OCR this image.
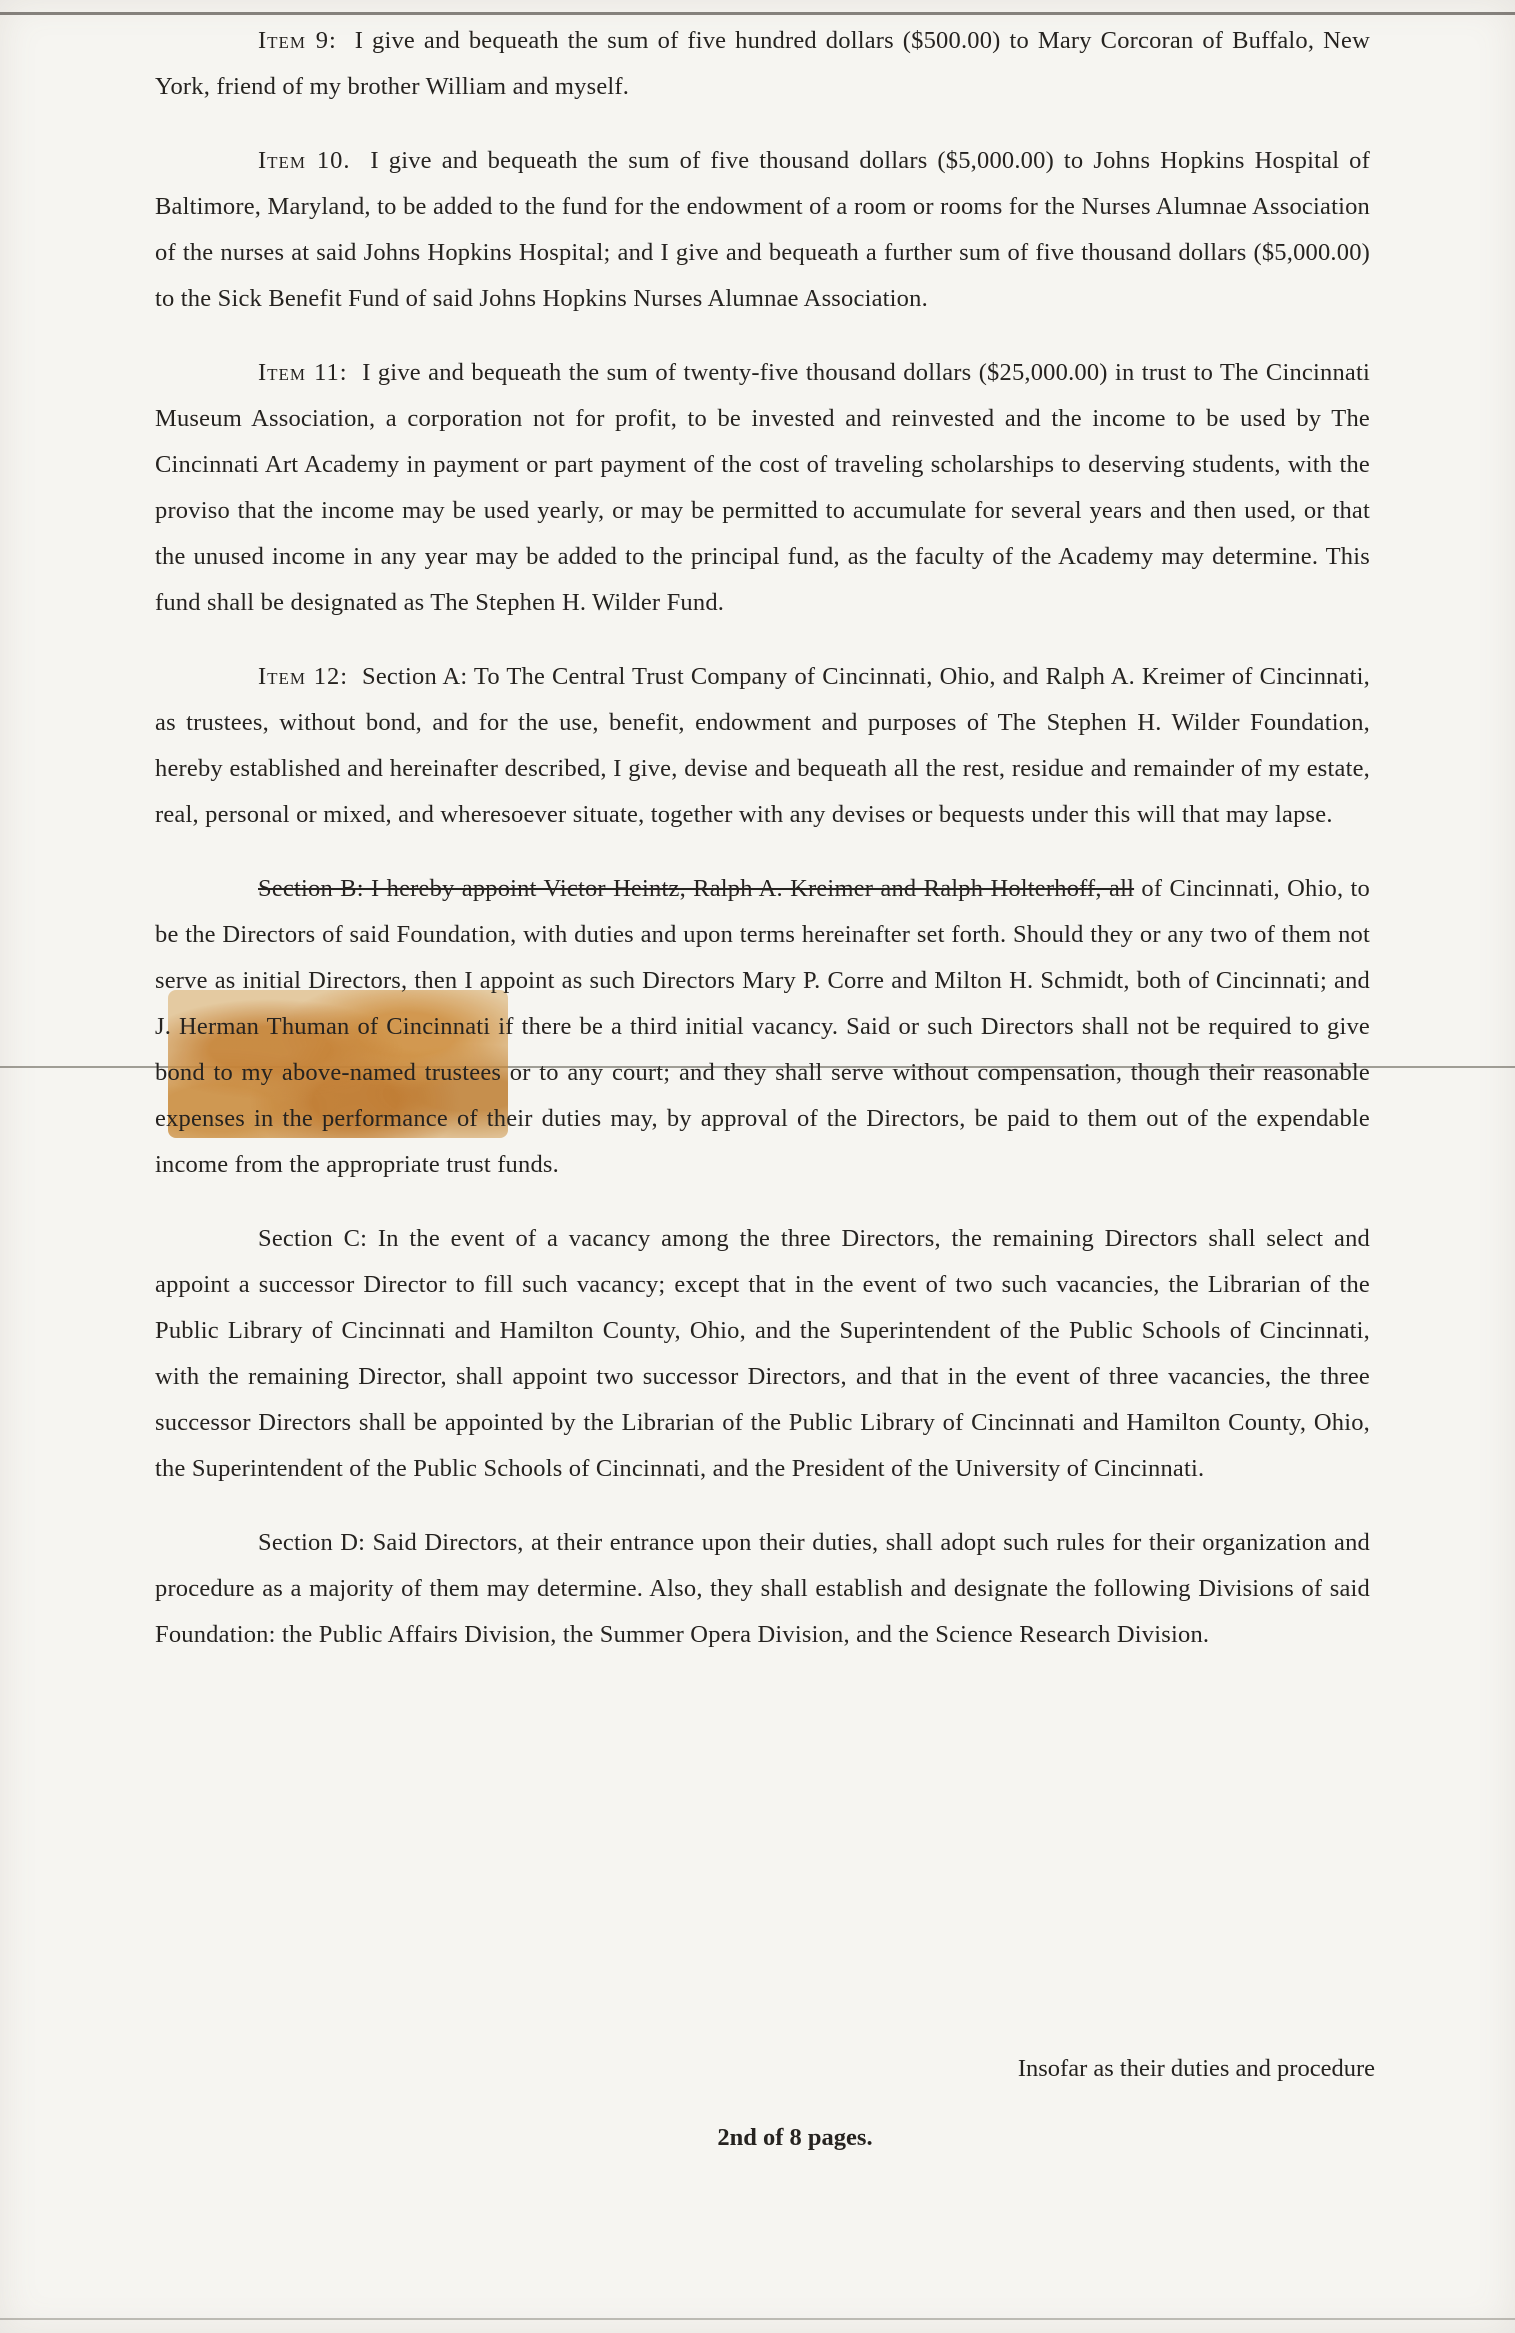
Item 9: I give and bequeath the sum of five hundred dollars ($500.00) to Mary Corcoran of Buffalo, New York, friend of my brother William and myself.

Item 10. I give and bequeath the sum of five thousand dollars ($5,000.00) to Johns Hopkins Hospital of Baltimore, Maryland, to be added to the fund for the endowment of a room or rooms for the Nurses Alumnae Association of the nurses at said Johns Hopkins Hospital; and I give and bequeath a further sum of five thousand dollars ($5,000.00) to the Sick Benefit Fund of said Johns Hopkins Nurses Alumnae Association.

Item 11: I give and bequeath the sum of twenty-five thousand dollars ($25,000.00) in trust to The Cincinnati Museum Association, a corporation not for profit, to be invested and reinvested and the income to be used by The Cincinnati Art Academy in payment or part payment of the cost of traveling scholarships to deserving students, with the proviso that the income may be used yearly, or may be permitted to accumulate for several years and then used, or that the unused income in any year may be added to the principal fund, as the faculty of the Academy may determine. This fund shall be designated as The Stephen H. Wilder Fund.

Item 12: Section A: To The Central Trust Company of Cincinnati, Ohio, and Ralph A. Kreimer of Cincinnati, as trustees, without bond, and for the use, benefit, endowment and purposes of The Stephen H. Wilder Foundation, hereby established and hereinafter described, I give, devise and bequeath all the rest, residue and remainder of my estate, real, personal or mixed, and wheresoever situate, together with any devises or bequests under this will that may lapse.

Section B: I hereby appoint Victor Heintz, Ralph A. Kreimer and Ralph Holterhoff, all of Cincinnati, Ohio, to be the Directors of said Foundation, with duties and upon terms hereinafter set forth. Should they or any two of them not serve as initial Directors, then I appoint as such Directors Mary P. Corre and Milton H. Schmidt, both of Cincinnati; and J. Herman Thuman of Cincinnati if there be a third initial vacancy. Said or such Directors shall not be required to give bond to my above-named trustees or to any court; and they shall serve without compensation, though their reasonable expenses in the performance of their duties may, by approval of the Directors, be paid to them out of the expendable income from the appropriate trust funds.

Section C: In the event of a vacancy among the three Directors, the remaining Directors shall select and appoint a successor Director to fill such vacancy; except that in the event of two such vacancies, the Librarian of the Public Library of Cincinnati and Hamilton County, Ohio, and the Superintendent of the Public Schools of Cincinnati, with the remaining Director, shall appoint two successor Directors, and that in the event of three vacancies, the three successor Directors shall be appointed by the Librarian of the Public Library of Cincinnati and Hamilton County, Ohio, the Superintendent of the Public Schools of Cincinnati, and the President of the University of Cincinnati.

Section D: Said Directors, at their entrance upon their duties, shall adopt such rules for their organization and procedure as a majority of them may determine. Also, they shall establish and designate the following Divisions of said Foundation: the Public Affairs Division, the Summer Opera Division, and the Science Research Division.

Insofar as their duties and procedure
2nd of 8 pages.
